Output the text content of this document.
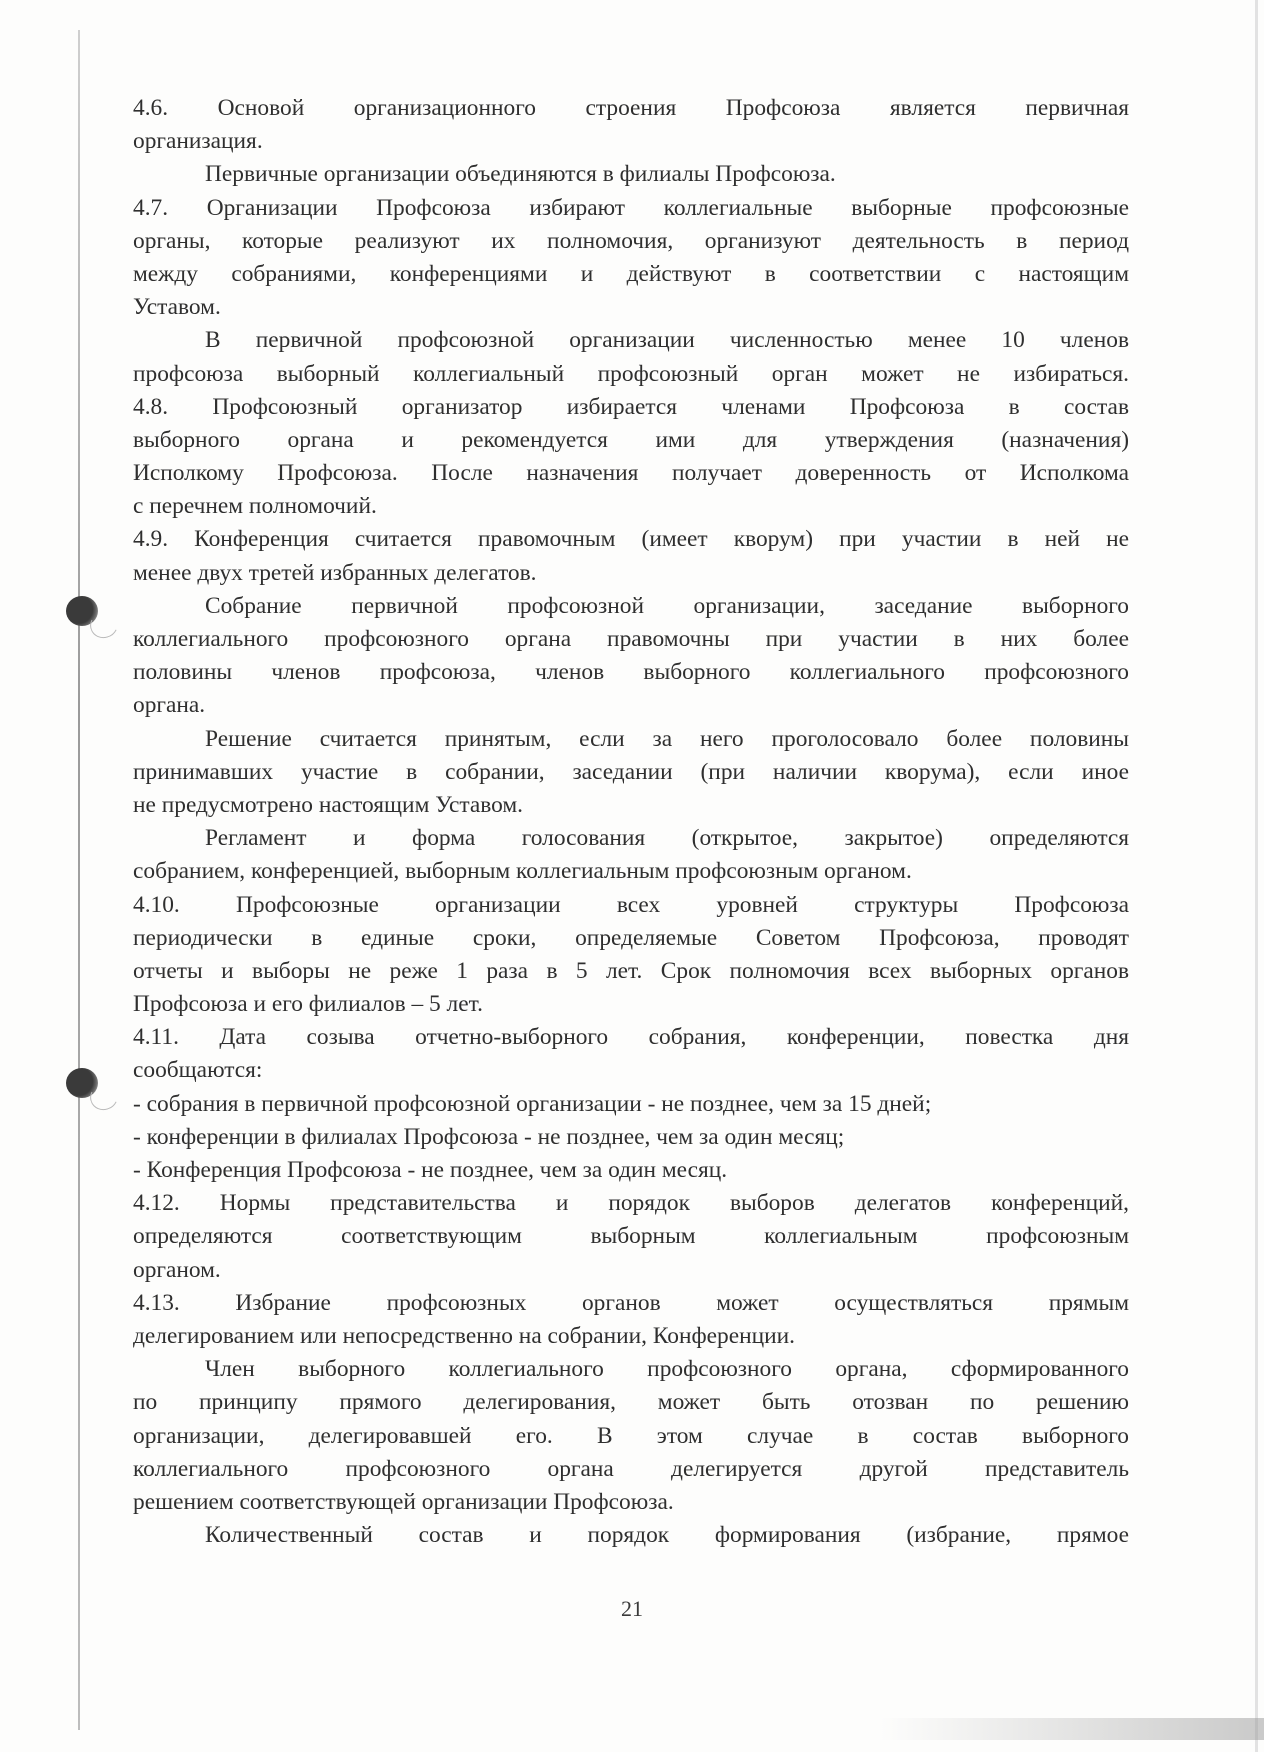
4.6. Основой организационного строения Профсоюза является первичная
организация.
Первичные организации объединяются в филиалы Профсоюза.
4.7. Организации Профсоюза избирают коллегиальные выборные профсоюзные
органы, которые реализуют их полномочия, организуют деятельность в период
между собраниями, конференциями и действуют в соответствии с настоящим
Уставом.
В первичной профсоюзной организации численностью менее 10 членов
профсоюза выборный коллегиальный профсоюзный орган может не избираться.
4.8. Профсоюзный организатор избирается членами Профсоюза в состав
выборного органа и рекомендуется ими для утверждения (назначения)
Исполкому Профсоюза. После назначения получает доверенность от Исполкома
с перечнем полномочий.
4.9. Конференция считается правомочным (имеет кворум) при участии в ней не
менее двух третей избранных делегатов.
Собрание первичной профсоюзной организации, заседание выборного
коллегиального профсоюзного органа правомочны при участии в них более
половины членов профсоюза, членов выборного коллегиального профсоюзного
органа.
Решение считается принятым, если за него проголосовало более половины
принимавших участие в собрании, заседании (при наличии кворума), если иное
не предусмотрено настоящим Уставом.
Регламент и форма голосования (открытое, закрытое) определяются
собранием, конференцией, выборным коллегиальным профсоюзным органом.
4.10. Профсоюзные организации всех уровней структуры Профсоюза
периодически в единые сроки, определяемые Советом Профсоюза, проводят
отчеты и выборы не реже 1 раза в 5 лет. Срок полномочия всех выборных органов
Профсоюза и его филиалов – 5 лет.
4.11. Дата созыва отчетно-выборного собрания, конференции, повестка дня
сообщаются:
- собрания в первичной профсоюзной организации - не позднее, чем за 15 дней;
- конференции в филиалах Профсоюза - не позднее, чем за один месяц;
- Конференция Профсоюза - не позднее, чем за один месяц.
4.12. Нормы представительства и порядок выборов делегатов конференций,
определяются соответствующим выборным коллегиальным профсоюзным
органом.
4.13. Избрание профсоюзных органов может осуществляться прямым
делегированием или непосредственно на собрании, Конференции.
Член выборного коллегиального профсоюзного органа, сформированного
по принципу прямого делегирования, может быть отозван по решению
организации, делегировавшей его. В этом случае в состав выборного
коллегиального профсоюзного органа делегируется другой представитель
решением соответствующей организации Профсоюза.
Количественный состав и порядок формирования (избрание, прямое
21
